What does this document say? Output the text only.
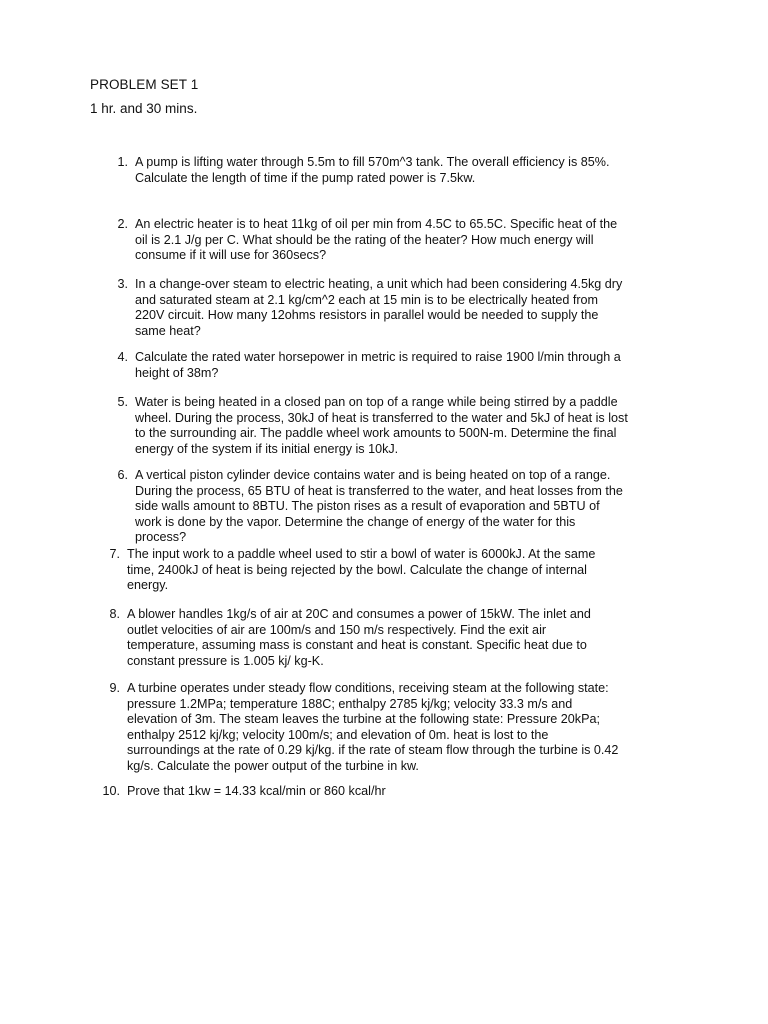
PROBLEM SET 1
1 hr. and 30 mins.
1. A pump is lifting water through 5.5m to fill 570m^3 tank. The overall efficiency is 85%.
Calculate the length of time if the pump rated power is 7.5kw.
2. An electric heater is to heat 11kg of oil per min from 4.5C to 65.5C. Specific heat of the
oil is 2.1 J/g per C. What should be the rating of the heater? How much energy will
consume if it will use for 360secs?
3. In a change-over steam to electric heating, a unit which had been considering 4.5kg dry
and saturated steam at 2.1 kg/cm^2 each at 15 min is to be electrically heated from
220V circuit. How many 12ohms resistors in parallel would be needed to supply the
same heat?
4. Calculate the rated water horsepower in metric is required to raise 1900 l/min through a
height of 38m?
5. Water is being heated in a closed pan on top of a range while being stirred by a paddle
wheel. During the process, 30kJ of heat is transferred to the water and 5kJ of heat is lost
to the surrounding air. The paddle wheel work amounts to 500N-m. Determine the final
energy of the system if its initial energy is 10kJ.
6. A vertical piston cylinder device contains water and is being heated on top of a range.
During the process, 65 BTU of heat is transferred to the water, and heat losses from the
side walls amount to 8BTU. The piston rises as a result of evaporation and 5BTU of
work is done by the vapor. Determine the change of energy of the water for this
process?
7. The input work to a paddle wheel used to stir a bowl of water is 6000kJ. At the same
time, 2400kJ of heat is being rejected by the bowl. Calculate the change of internal
energy.
8. A blower handles 1kg/s of air at 20C and consumes a power of 15kW. The inlet and
outlet velocities of air are 100m/s and 150 m/s respectively. Find the exit air
temperature, assuming mass is constant and heat is constant. Specific heat due to
constant pressure is 1.005 kj/ kg-K.
9. A turbine operates under steady flow conditions, receiving steam at the following state:
pressure 1.2MPa; temperature 188C; enthalpy 2785 kj/kg; velocity 33.3 m/s and
elevation of 3m. The steam leaves the turbine at the following state: Pressure 20kPa;
enthalpy 2512 kj/kg; velocity 100m/s; and elevation of 0m. heat is lost to the
surroundings at the rate of 0.29 kj/kg. if the rate of steam flow through the turbine is 0.42
kg/s. Calculate the power output of the turbine in kw.
10. Prove that 1kw = 14.33 kcal/min or 860 kcal/hr
